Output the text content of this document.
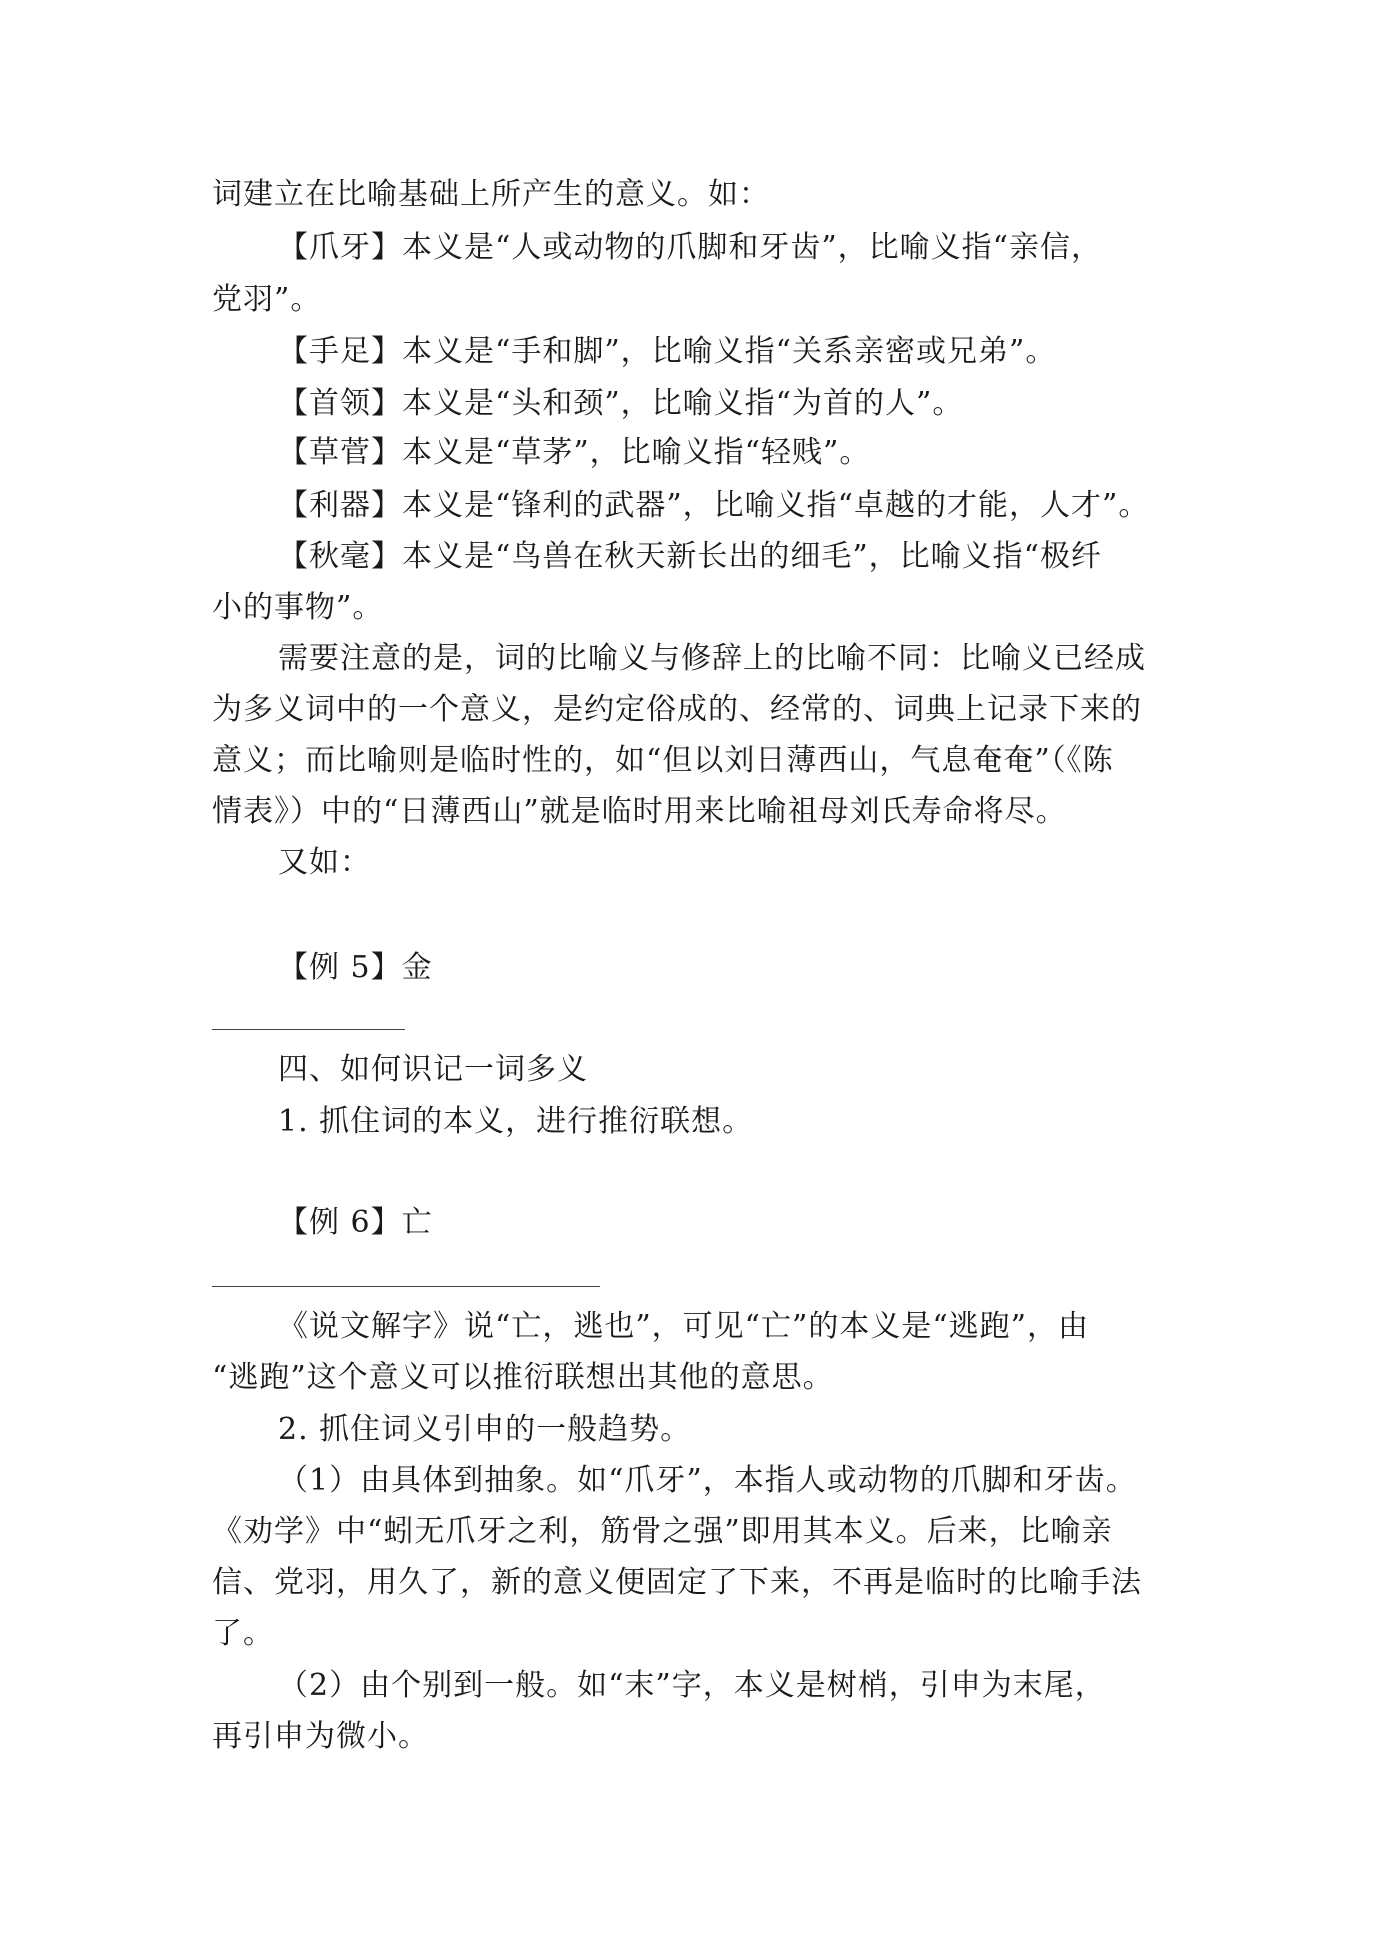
词建立在比喻基础上所产生的意义。如：
【爪牙】本义是“人或动物的爪脚和牙齿”，比喻义指“亲信，
党羽”。
【手足】本义是“手和脚”，比喻义指“关系亲密或兄弟”。
【首领】本义是“头和颈”，比喻义指“为首的人”。
【草菅】本义是“草茅”，比喻义指“轻贱”。
【利器】本义是“锋利的武器”，比喻义指“卓越的才能，人才”。
【秋毫】本义是“鸟兽在秋天新长出的细毛”，比喻义指“极纤
小的事物”。
需要注意的是，词的比喻义与修辞上的比喻不同：比喻义已经成
为多义词中的一个意义，是约定俗成的、经常的、词典上记录下来的
意义；而比喻则是临时性的，如“但以刘日薄西山，气息奄奄”（《陈
情表》）中的“日薄西山”就是临时用来比喻祖母刘氏寿命将尽。
又如：
【例 5】金
四、如何识记一词多义
1. 抓住词的本义，进行推衍联想。
【例 6】亡
《说文解字》说“亡，逃也”，可见“亡”的本义是“逃跑”，由
“逃跑”这个意义可以推衍联想出其他的意思。
2. 抓住词义引申的一般趋势。
（1）由具体到抽象。如“爪牙”，本指人或动物的爪脚和牙齿。
《劝学》中“蚓无爪牙之利，筋骨之强”即用其本义。后来，比喻亲
信、党羽，用久了，新的意义便固定了下来，不再是临时的比喻手法
了。
（2）由个别到一般。如“末”字，本义是树梢，引申为末尾，
再引申为微小。
